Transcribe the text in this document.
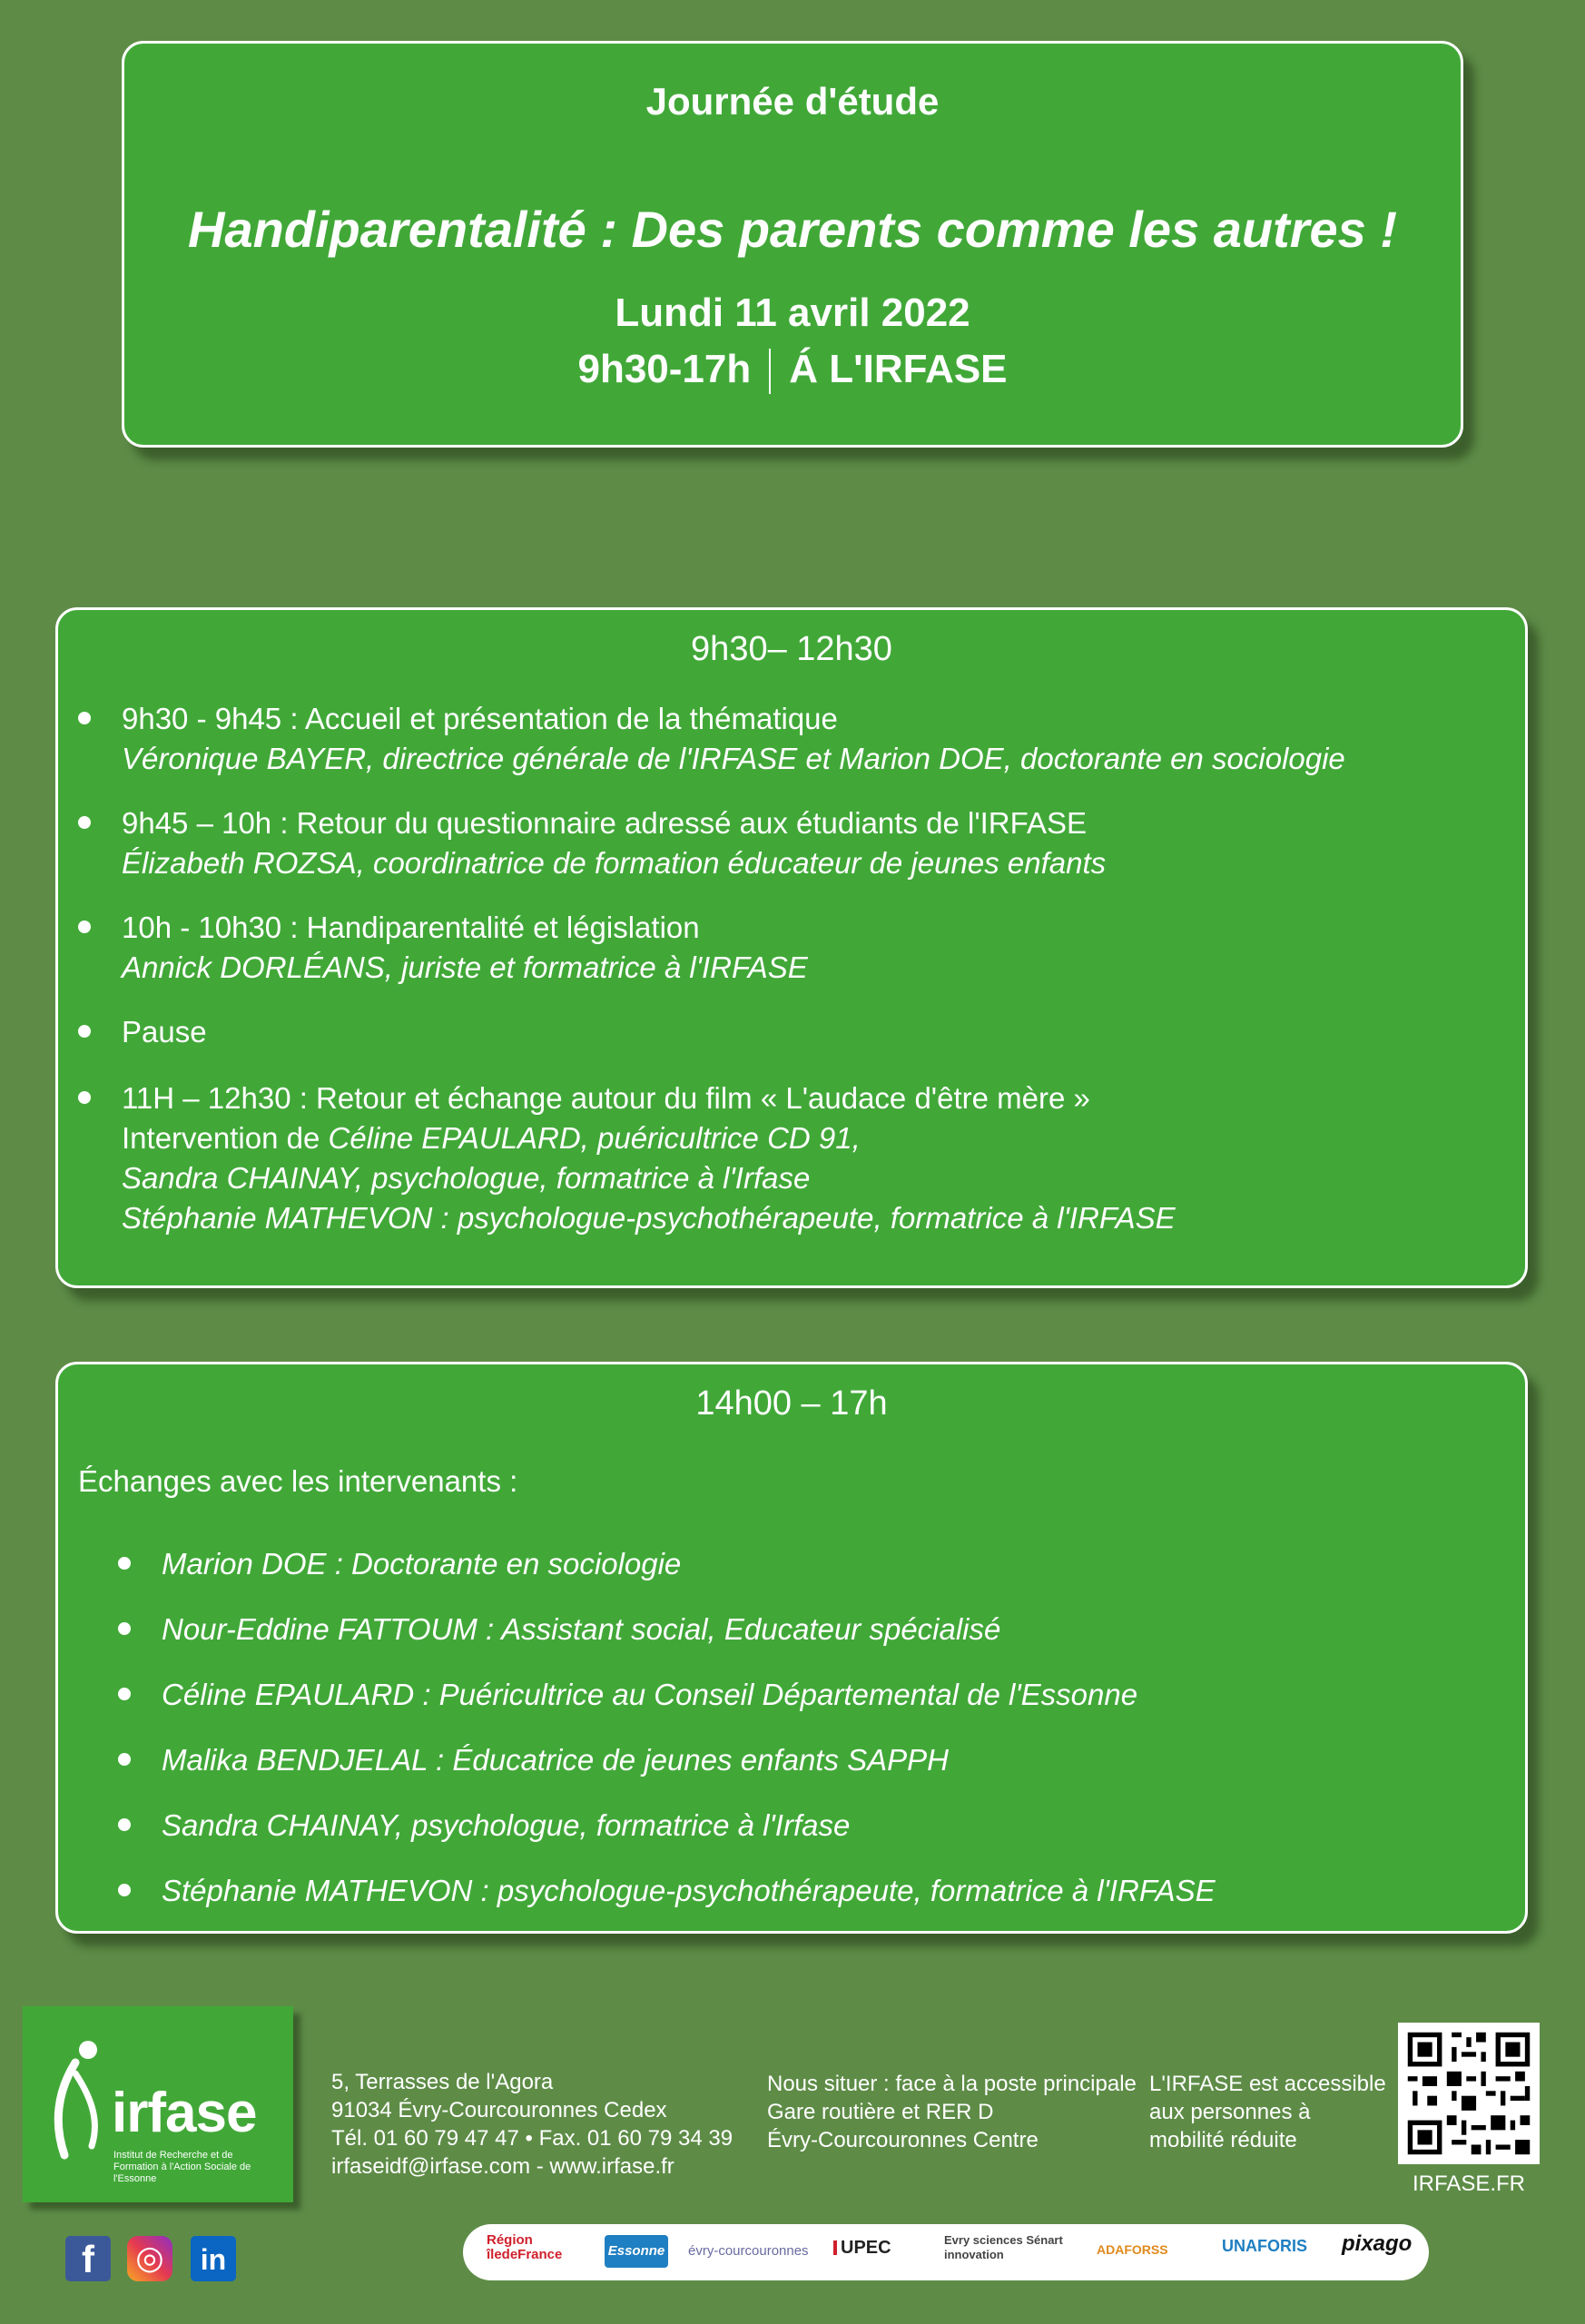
Journée d'étude
Handiparentalité : Des parents comme les autres !
Lundi 11 avril 2022
9h30-17h Á L'IRFASE
9h30– 12h30
9h30 - 9h45 : Accueil et présentation de la thématique
Véronique BAYER, directrice générale de l'IRFASE et Marion DOE, doctorante en sociologie
9h45 – 10h : Retour du questionnaire adressé aux étudiants de l'IRFASE
Élizabeth ROZSA, coordinatrice de formation éducateur de jeunes enfants
10h - 10h30 : Handiparentalité et législation
Annick DORLÉANS, juriste et formatrice à l'IRFASE
Pause
11H – 12h30 : Retour et échange autour du film « L'audace d'être mère »
Intervention de Céline EPAULARD, puéricultrice CD 91,
Sandra CHAINAY, psychologue, formatrice à l'Irfase
Stéphanie MATHEVON : psychologue-psychothérapeute, formatrice à l'IRFASE
14h00 – 17h
Échanges avec les intervenants :
Marion DOE : Doctorante en sociologie
Nour-Eddine FATTOUM : Assistant social, Educateur spécialisé
Céline EPAULARD : Puéricultrice au Conseil Départemental de l'Essonne
Malika BENDJELAL : Éducatrice de jeunes enfants SAPPH
Sandra CHAINAY, psychologue, formatrice à l'Irfase
Stéphanie MATHEVON : psychologue-psychothérapeute, formatrice à l'IRFASE
irfase
Institut de Recherche et de Formation à l'Action Sociale de l'Essonne
5, Terrasses de l'Agora
91034 Évry-Courcouronnes Cedex
Tél. 01 60 79 47 47 • Fax. 01 60 79 34 39
irfaseidf@irfase.com - www.irfase.fr
Nous situer : face à la poste principale
Gare routière et RER D
Évry-Courcouronnes Centre
L'IRFASE est accessible
aux personnes à
mobilité réduite
IRFASE.FR
f	◎	in
Région îledeFrance	Essonne évry-courcouronnes	UPEC	Evry sciences Sénart innovation	ADAFORSS	UNAFORIS pixago
